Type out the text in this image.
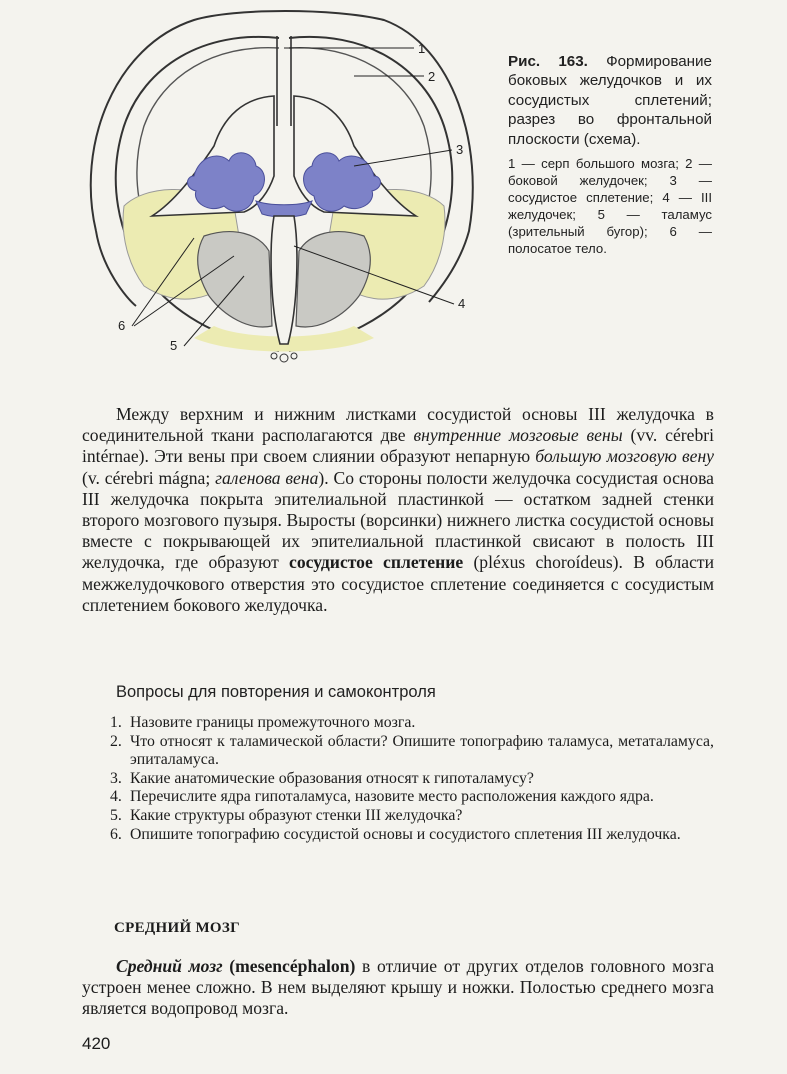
1
2
3
4
5
6
Рис. 163. Формирование боковых желудочков и их сосудистых сплетений; разрез во фронтальной плоскости (схема).
1 — серп большого мозга; 2 — боковой желудочек; 3 — сосудистое сплетение; 4 — III желудочек; 5 — таламус (зрительный бугор); 6 — полосатое тело.

Между верхним и нижним листками сосудистой основы III желудочка в соединительной ткани располагаются две внутренние мозговые вены (vv. cérebri intérnae). Эти вены при своем слиянии образуют непарную большую мозговую вену (v. cérebri mágna; галенова вена). Со стороны полости желудочка сосудистая основа III желудочка покрыта эпителиальной пластинкой — остатком задней стенки второго мозгового пузыря. Выросты (ворсинки) нижнего листка сосудистой основы вместе с покрывающей их эпителиальной пластинкой свисают в полость III желудочка, где образуют сосудистое сплетение (pléxus choroídeus). В области межжелудочкового отверстия это сосудистое сплетение соединяется с сосудистым сплетением бокового желудочка.

Вопросы для повторения и самоконтроля
1. Назовите границы промежуточного мозга.
2. Что относят к таламической области? Опишите топографию таламуса, метаталамуса, эпиталамуса.
3. Какие анатомические образования относят к гипоталамусу?
4. Перечислите ядра гипоталамуса, назовите место расположения каждого ядра.
5. Какие структуры образуют стенки III желудочка?
6. Опишите топографию сосудистой основы и сосудистого сплетения III желудочка.
СРЕДНИЙ МОЗГ

Средний мозг (mesencéphalon) в отличие от других отделов головного мозга устроен менее сложно. В нем выделяют крышу и ножки. Полостью среднего мозга является водопровод мозга.

420
